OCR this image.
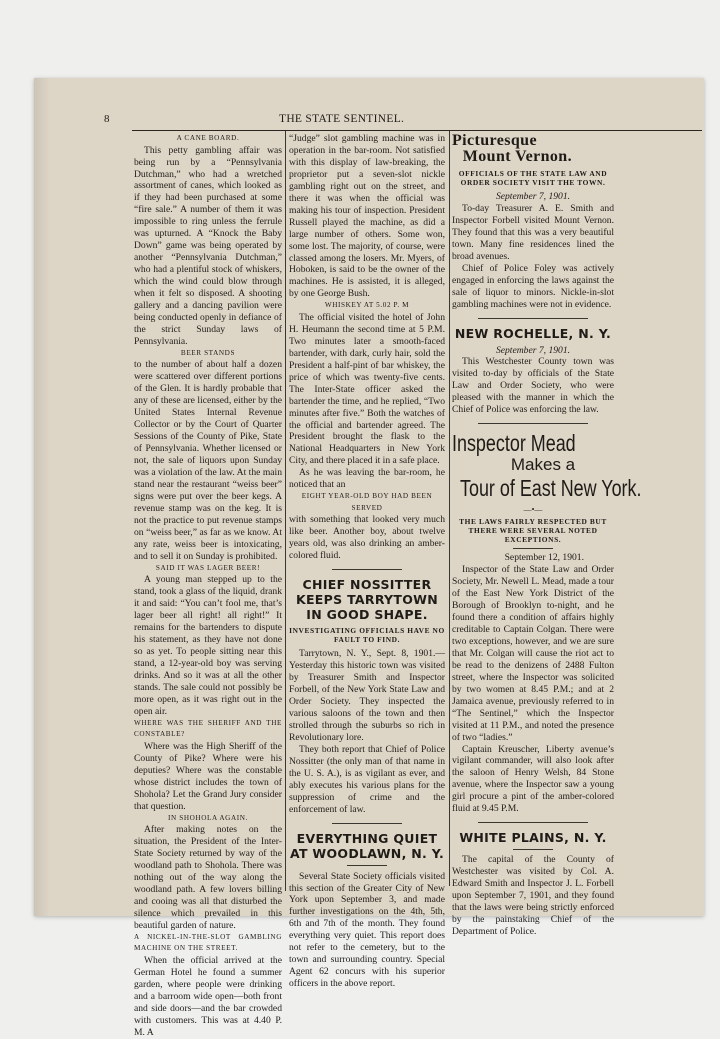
8	THE STATE SENTINEL.
A CANE BOARD.

This petty gambling affair was being run by a “Pennsylvania Dutchman,” who had a wretched assortment of canes, which looked as if they had been purchased at some “fire sale.” A number of them it was impossible to ring unless the ferrule was upturned. A “Knock the Baby Down” game was being operated by another “Pennsylvania Dutchman,” who had a plentiful stock of whiskers, which the wind could blow through when it felt so disposed. A shooting gallery and a dancing pavilion were being conducted openly in defiance of the strict Sunday laws of Pennsylvania.

BEER STANDS

to the number of about half a dozen were scattered over different portions of the Glen. It is hardly probable that any of these are licensed, either by the United States Internal Revenue Collector or by the Court of Quarter Sessions of the County of Pike, State of Pennsylvania. Whether licensed or not, the sale of liquors upon Sunday was a violation of the law. At the main stand near the restaurant “weiss beer” signs were put over the beer kegs. A revenue stamp was on the keg. It is not the practice to put revenue stamps on “weiss beer,” as far as we know. At any rate, weiss beer is intoxicating, and to sell it on Sunday is prohibited.

SAID IT WAS LAGER BEER!

A young man stepped up to the stand, took a glass of the liquid, drank it and said: “You can’t fool me, that’s lager beer all right! all right!” It remains for the bartenders to dispute his statement, as they have not done so as yet. To people sitting near this stand, a 12-year-old boy was serving drinks. And so it was at all the other stands. The sale could not possibly be more open, as it was right out in the open air.

WHERE WAS THE SHERIFF AND THE CONSTABLE?

Where was the High Sheriff of the County of Pike? Where were his deputies? Where was the constable whose district includes the town of Shohola? Let the Grand Jury consider that question.

IN SHOHOLA AGAIN.

After making notes on the situation, the President of the Inter-State Society returned by way of the woodland path to Shohola. There was nothing out of the way along the woodland path. A few lovers billing and cooing was all that disturbed the silence which prevailed in this beautiful garden of nature.

A NICKEL-IN-THE-SLOT GAMBLING MACHINE ON THE STREET.

When the official arrived at the German Hotel he found a summer garden, where people were drinking and a barroom wide open—both front and side doors—and the bar crowded with customers. This was at 4.40 P. M. A

“Judge” slot gambling machine was in operation in the bar-room. Not satisfied with this display of law-breaking, the proprietor put a seven-slot nickle gambling right out on the street, and there it was when the official was making his tour of inspection. President Russell played the machine, as did a large number of others. Some won, some lost. The majority, of course, were classed among the losers. Mr. Myers, of Hoboken, is said to be the owner of the machines. He is assisted, it is alleged, by one George Bush.

WHISKEY AT 5.02 P. M

The official visited the hotel of John H. Heumann the second time at 5 P.M. Two minutes later a smooth-faced bartender, with dark, curly hair, sold the President a half-pint of bar whiskey, the price of which was twenty-five cents. The Inter-State officer asked the bartender the time, and he replied, “Two minutes after five.” Both the watches of the official and bartender agreed. The President brought the flask to the National Headquarters in New York City, and there placed it in a safe place.

As he was leaving the bar-room, he noticed that an

EIGHT YEAR-OLD BOY HAD BEEN SERVED

with something that looked very much like beer. Another boy, about twelve years old, was also drinking an amber-colored fluid.

CHIEF NOSSITTER KEEPS TARRYTOWN IN GOOD SHAPE.
INVESTIGATING OFFICIALS HAVE NO FAULT TO FIND.

Tarrytown, N. Y., Sept. 8, 1901.—Yesterday this historic town was visited by Treasurer Smith and Inspector Forbell, of the New York State Law and Order Society. They inspected the various saloons of the town and then strolled through the suburbs so rich in Revolutionary lore.

They both report that Chief of Police Nossitter (the only man of that name in the U. S. A.), is as vigilant as ever, and ably executes his various plans for the suppression of crime and the enforcement of law.

EVERYTHING QUIET
AT WOODLAWN, N. Y.

Several State Society officials visited this section of the Greater City of New York upon September 3, and made further investigations on the 4th, 5th, 6th and 7th of the month. They found everything very quiet. This report does not refer to the cemetery, but to the town and surrounding country. Special Agent 62 concurs with his superior officers in the above report.

Picturesque
Mount Vernon.
OFFICIALS OF THE STATE LAW AND ORDER SOCIETY VISIT THE TOWN.
September 7, 1901.

To-day Treasurer A. E. Smith and Inspector Forbell visited Mount Vernon. They found that this was a very beautiful town. Many fine residences lined the broad avenues.

Chief of Police Foley was actively engaged in enforcing the laws against the sale of liquor to minors. Nickle-in-slot gambling machines were not in evidence.

NEW ROCHELLE, N. Y.
September 7, 1901.

This Westchester County town was visited to-day by officials of the State Law and Order Society, who were pleased with the manner in which the Chief of Police was enforcing the law.

Inspector Mead
Makes a
Tour of East New York.
—•—
THE LAWS FAIRLY RESPECTED BUT THERE WERE SEVERAL NOTED EXCEPTIONS.
September 12, 1901.

Inspector of the State Law and Order Society, Mr. Newell L. Mead, made a tour of the East New York District of the Borough of Brooklyn to-night, and he found there a condition of affairs highly creditable to Captain Colgan. There were two exceptions, however, and we are sure that Mr. Colgan will cause the riot act to be read to the denizens of 2488 Fulton street, where the Inspector was solicited by two women at 8.45 P.M.; and at 2 Jamaica avenue, previously referred to in “The Sentinel,” which the Inspector visited at 11 P.M., and noted the presence of two “ladies.”

Captain Kreuscher, Liberty avenue’s vigilant commander, will also look after the saloon of Henry Welsh, 84 Stone avenue, where the Inspector saw a young girl procure a pint of the amber-colored fluid at 9.45 P.M.

WHITE PLAINS, N. Y.

The capital of the County of Westchester was visited by Col. A. Edward Smith and Inspector J. L. Forbell upon September 7, 1901, and they found that the laws were being strictly enforced by the painstaking Chief of the Department of Police.
